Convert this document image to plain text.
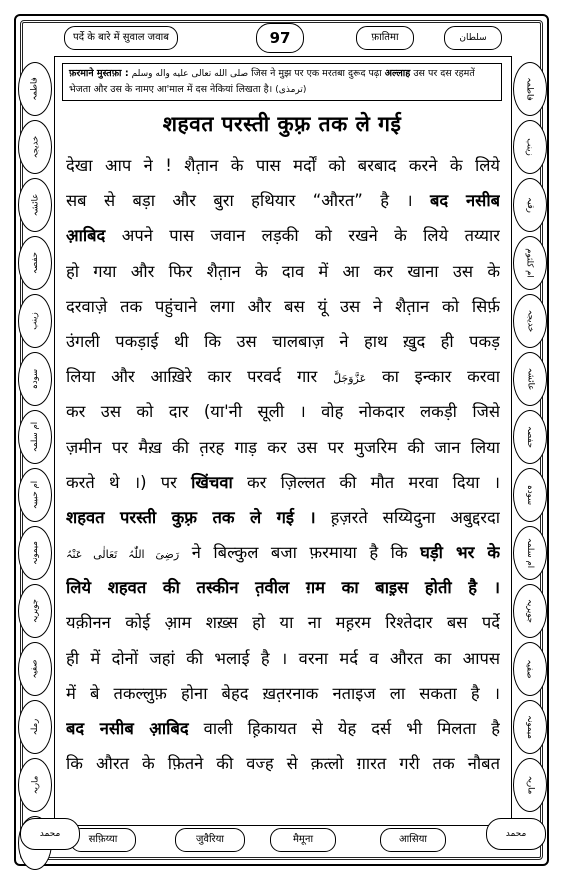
पर्दे के बारे में सुवाल जवाब	97	फ़ातिमा	سلطان
फ़रमाने मुस्तफ़ा : صلى الله تعالى عليه واله وسلم जिस ने मुझ पर एक मरतबा दुरूद पढ़ा अल्लाह उस पर दस रहमतें भेजता और उस के नामए आ'माल में दस नेकियां लिखता है। (ترمذی)
فاطمہ
خدیجہ
عائشہ
حفصہ
زینب
سودہ
ام سلمہ
ام حبیبہ
میمونہ
جویریہ
صفیہ
رملہ
ماریہ
فاطمہ
زینب
رقیہ
ام کلثوم
خدیجہ
عائشہ
حفصہ
سودہ
ام سلمہ
جویریہ
صفیہ
میمونہ
ماریہ
शहवत परस्ती कुफ़्र तक ले गई
देखा आप ने ! शैत़ान के पास मर्दों को बरबाद करने के लिये
सब से बड़ा और बुरा हथियार “औरत” है । बद नसीब
आ़बिद अपने पास जवान लड़की को रखने के लिये तय्यार
हो गया और फिर शैत़ान के दाव में आ कर खाना उस के
दरवाज़े तक पहुंचाने लगा और बस यूं उस ने शैत़ान को सिर्फ़
उंगली पकड़ाई थी कि उस चालबाज़ ने हाथ ख़ुद ही पकड़
लिया और आख़िरे कार परवर्द गार عَزَّوَجَلَّ का इन्कार करवा
कर उस को दार (या'नी सूली । वोह नोकदार लकड़ी जिसे
ज़मीन पर मैख़ की त़रह गाड़ कर उस पर मुजरिम की जान लिया
करते थे ।) पर खिंचवा कर ज़िल्लत की मौत मरवा दिया ।
शहवत परस्ती कुफ़्र तक ले गई । ह़ज़रते सय्यिदुना अबुद्दरदा
رَضِیَ اللّٰہُ تَعَالٰی عَنْہُ ने बिल्कुल बजा फ़रमाया है कि घड़ी भर के
लिये शहवत की तस्कीन त़वील ग़म का बाइ़स होती है ।
यक़ीनन कोई आ़म शख़्स हो या ना मह़रम रिश्तेदार बस पर्दे
ही में दोनों जहां की भलाई है । वरना मर्द व औरत का आपस
में बे तकल्लुफ़ होना बेहद ख़त़रनाक नताइज ला सकता है ।
बद नसीब आ़बिद वाली ह़िकायत से येह दर्स भी मिलता है
कि औरत के फ़ितने की वज्ह से क़त्लो ग़ारत गरी तक नौबत
सफ़िय्या	जुवैरिया	मैमूना	आसिया
محمد	محمد
